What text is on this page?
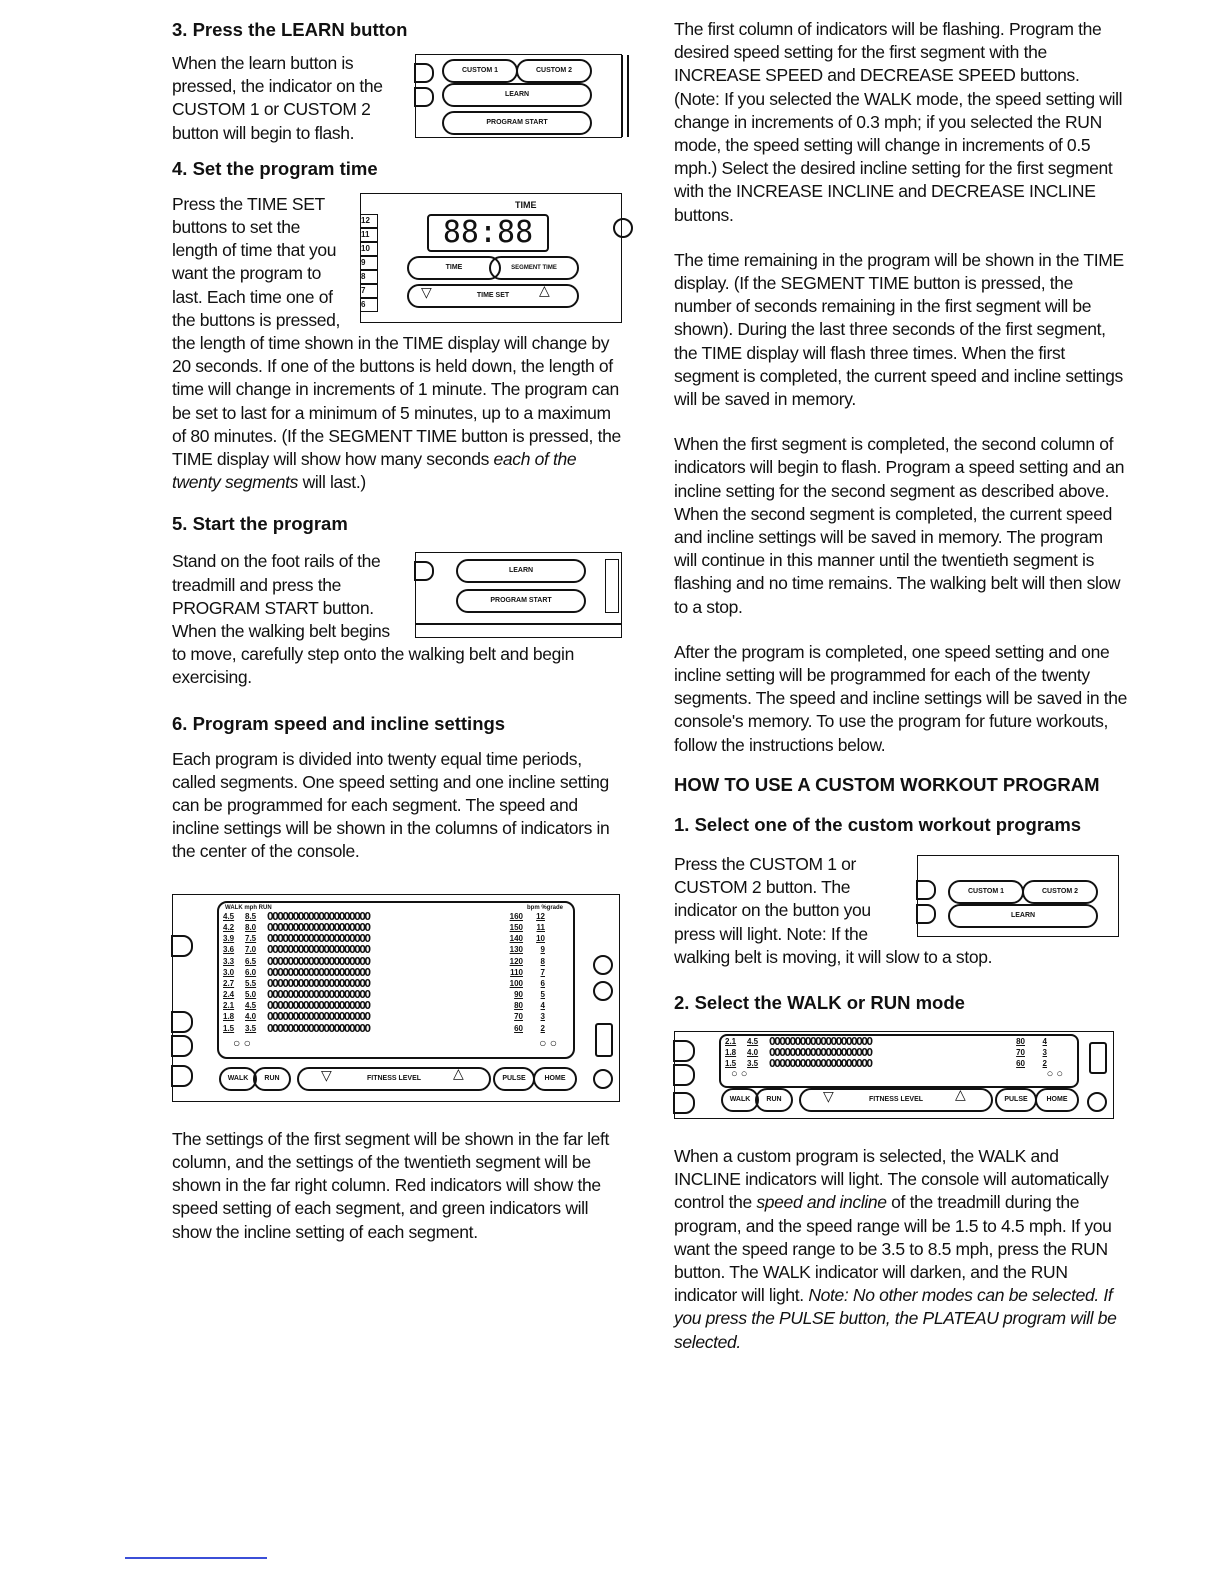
3. Press the LEARN button

CUSTOM 1	CUSTOM 2
LEARN
PROGRAM START

When the learn button is pressed, the indicator on the CUSTOM 1 or CUSTOM 2 button will begin to flash.

4. Set the program time

12
11
10
9
8
7
6
TIME
88:88
TIME	SEGMENT TIME
TIME SET
▽	△

Press the TIME SET buttons to set the length of time that you want the program to last. Each time one of the buttons is pressed, the length of time shown in the TIME display will change by 20 seconds. If one of the buttons is held down, the length of time will change in increments of 1 minute. The program can be set to last for a minimum of 5 minutes, up to a maximum of 80 minutes. (If the SEGMENT TIME button is pressed, the TIME display will show how many seconds each of the twenty segments will last.)

5. Start the program

LEARN
PROGRAM START

Stand on the foot rails of the treadmill and press the PROGRAM START button. When the walking belt begins to move, carefully step onto the walking belt and begin exercising.

6. Program speed and incline settings

Each program is divided into twenty equal time periods, called segments. One speed setting and one incline setting can be programmed for each segment. The speed and incline settings will be shown in the columns of indicators in the center of the console.

WALK mph RUN	bpm %grade
4.5	8.5 OOOOOOOOOOOOOOOOOOOO	160	12
4.2	8.0 OOOOOOOOOOOOOOOOOOOO	150	11
3.9	7.5 OOOOOOOOOOOOOOOOOOOO	140	10
3.6	7.0 OOOOOOOOOOOOOOOOOOOO	130	9
3.3	6.5 OOOOOOOOOOOOOOOOOOOO	120	8
3.0	6.0 OOOOOOOOOOOOOOOOOOOO	110	7
2.7	5.5 OOOOOOOOOOOOOOOOOOOO	100	6
2.4	5.0 OOOOOOOOOOOOOOOOOOOO	90	5
2.1	4.5 OOOOOOOOOOOOOOOOOOOO	80	4
1.8	4.0 OOOOOOOOOOOOOOOOOOOO	70	3
1.5	3.5 OOOOOOOOOOOOOOOOOOOO	60	2
○ ○	○ ○
WALK	RUN	FITNESS LEVEL
▽	△	PULSE	HOME

The settings of the first segment will be shown in the far left column, and the settings of the twentieth segment will be shown in the far right column. Red indicators will show the speed setting of each segment, and green indicators will show the incline setting of each segment.

The first column of indicators will be flashing. Program the desired speed setting for the first segment with the INCREASE SPEED and DECREASE SPEED buttons. (Note: If you selected the WALK mode, the speed setting will change in increments of 0.3 mph; if you selected the RUN mode, the speed setting will change in increments of 0.5 mph.) Select the desired incline setting for the first segment with the INCREASE INCLINE and DECREASE INCLINE buttons.

The time remaining in the program will be shown in the TIME display. (If the SEGMENT TIME button is pressed, the number of seconds remaining in the first segment will be shown). During the last three seconds of the first segment, the TIME display will flash three times. When the first segment is completed, the current speed and incline settings will be saved in memory.

When the first segment is completed, the second column of indicators will begin to flash. Program a speed setting and an incline setting for the second segment as described above. When the second segment is completed, the current speed and incline settings will be saved in memory. The program will continue in this manner until the twentieth segment is flashing and no time remains. The walking belt will then slow to a stop.

After the program is completed, one speed setting and one incline setting will be programmed for each of the twenty segments. The speed and incline settings will be saved in the console's memory. To use the program for future workouts, follow the instructions below.

HOW TO USE A CUSTOM WORKOUT PROGRAM

1. Select one of the custom workout programs

CUSTOM 1	CUSTOM 2
LEARN

Press the CUSTOM 1 or CUSTOM 2 button. The indicator on the button you press will light. Note: If the walking belt is moving, it will slow to a stop.

2. Select the WALK or RUN mode

2.1	4.5 OOOOOOOOOOOOOOOOOOOO	80	4
1.8	4.0 OOOOOOOOOOOOOOOOOOOO	70	3
1.5	3.5 OOOOOOOOOOOOOOOOOOOO	60	2
○ ○	○ ○
WALK	RUN	FITNESS LEVEL
▽	△	PULSE	HOME

When a custom program is selected, the WALK and INCLINE indicators will light. The console will automatically control the speed and incline of the treadmill during the program, and the speed range will be 1.5 to 4.5 mph. If you want the speed range to be 3.5 to 8.5 mph, press the RUN button. The WALK indicator will darken, and the RUN indicator will light. Note: No other modes can be selected. If you press the PULSE button, the PLATEAU program will be selected.
